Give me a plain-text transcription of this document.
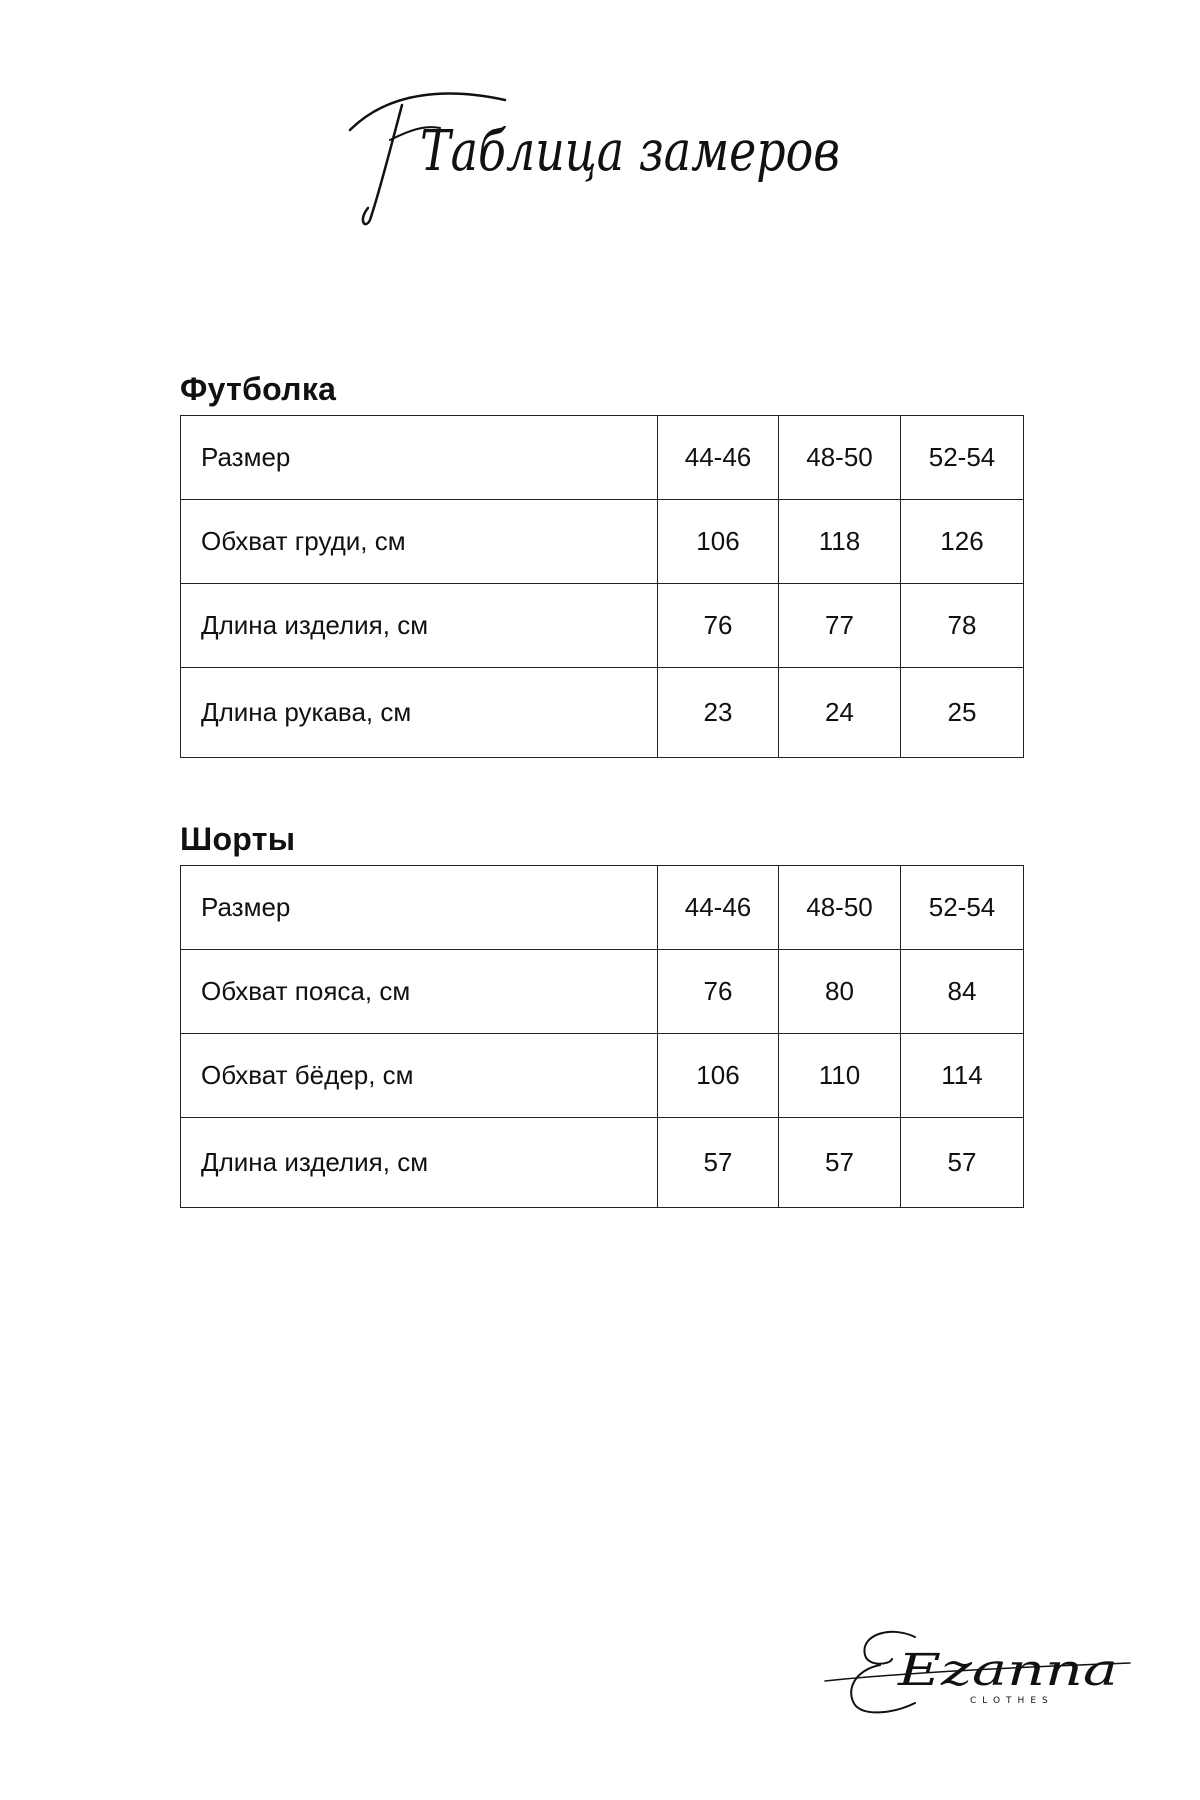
Таблица замеров
Футболка
Размер	44-46	48-50	52-54
Обхват груди, см	106	118	126
Длина изделия, см	76	77	78
Длина рукава, см	23	24	25
Шорты
Размер	44-46	48-50	52-54
Обхват пояса, см	76	80	84
Обхват бёдер, см	106	110	114
Длина изделия, см	57	57	57
Ezanna
CLOTHES
